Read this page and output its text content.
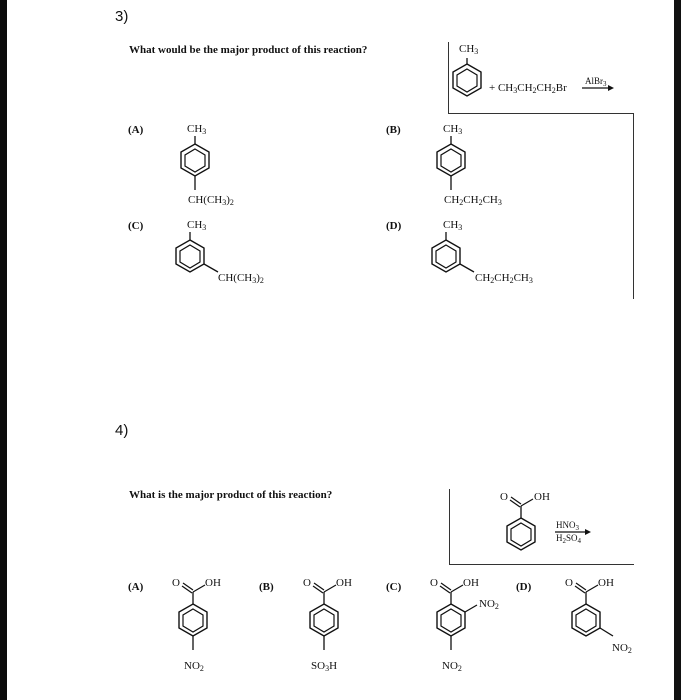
3)
What would be the major product of this reaction?	$CH_3$
+ $CH_3CH_2CH_2Br$
AlBr$_3$
(A)	$CH_3$
$CH(CH_3)_2$
(B)	$CH_3$
$CH_2CH_2CH_3$
(C)	$CH_3$
$CH(CH_3)_2$
(D)	$CH_3$
$CH_2CH_2CH_3$
4)
What is the major product of this reaction?	O OH
$HNO_3$
$H_2SO_4$
(A)	O OH
$NO_2$
(B)	O OH
$SO_3H$
(C)	O OH
$NO_2$
$NO_2$
(D)	O OH
$NO_2$
